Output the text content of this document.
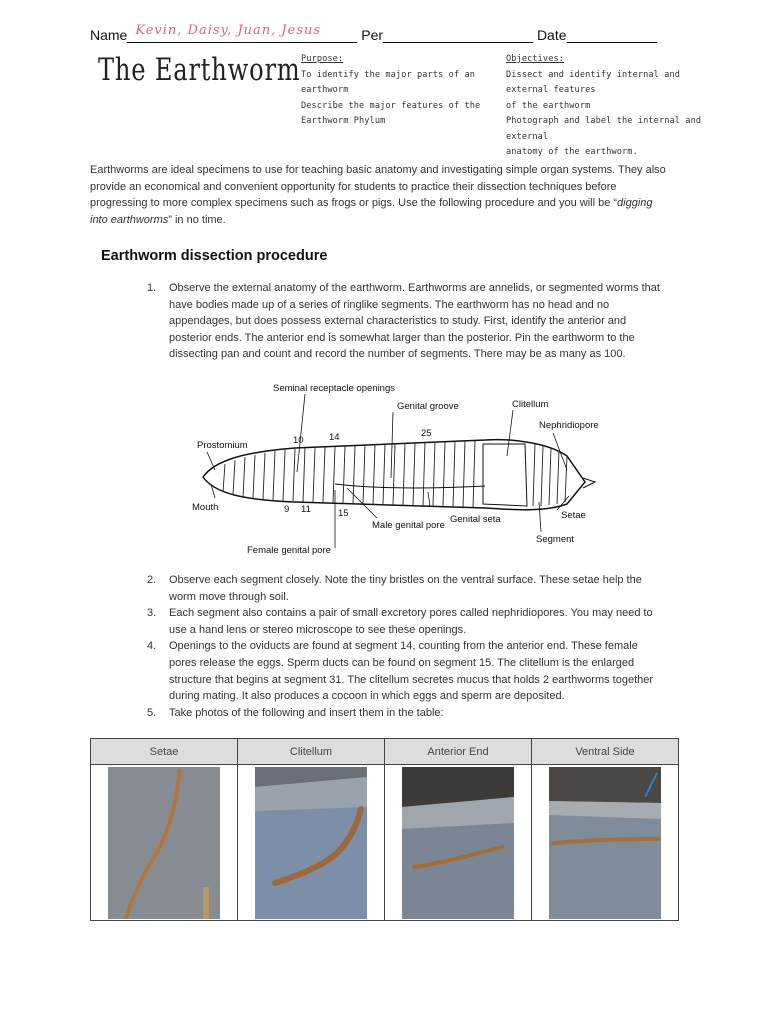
Name Kevin, Daisy, Juan, Jesus	Per	Date
The Earthworm Purpose:
To identify the major parts of an earthworm
Describe the major features of the Earthworm Phylum
Objectives:
Dissect and identify internal and external features
of the earthworm
Photograph and label the internal and external
anatomy of the earthworm.

Earthworms are ideal specimens to use for teaching basic anatomy and investigating simple organ systems. They also provide an economical and convenient opportunity for students to practice their dissection techniques before progressing to more complex specimens such as frogs or pigs. Use the following procedure and you will be “digging into earthworms” in no time.

Earthworm dissection procedure
1. Observe the external anatomy of the earthworm. Earthworms are annelids, or segmented worms that have bodies made up of a series of ringlike segments. The earthworm has no head and no appendages, but does possess external characteristics to study. First, identify the anterior and posterior ends. The anterior end is somewhat larger than the posterior. Pin the earthworm to the dissecting pan and count and record the number of segments. There may be as many as 100.
Seminal receptacle openings
Genital groove	Clitellum
Nephridiopore
Prostomium
Mouth
Setae
Segment
Male genital pore
Genital seta
Female genital pore
10	14	25
9 11	15
2. Observe each segment closely. Note the tiny bristles on the ventral surface. These setae help the worm move through soil.
3. Each segment also contains a pair of small excretory pores called nephridiopores. You may need to use a hand lens or stereo microscope to see these openings.
4. Openings to the oviducts are found at segment 14, counting from the anterior end. These female pores release the eggs. Sperm ducts can be found on segment 15. The clitellum is the enlarged structure that begins at segment 31. The clitellum secretes mucus that holds 2 earthworms together during mating. It also produces a cocoon in which eggs and sperm are deposited.
5. Take photos of the following and insert them in the table:
Setae	Clitellum	Anterior End	Ventral Side
